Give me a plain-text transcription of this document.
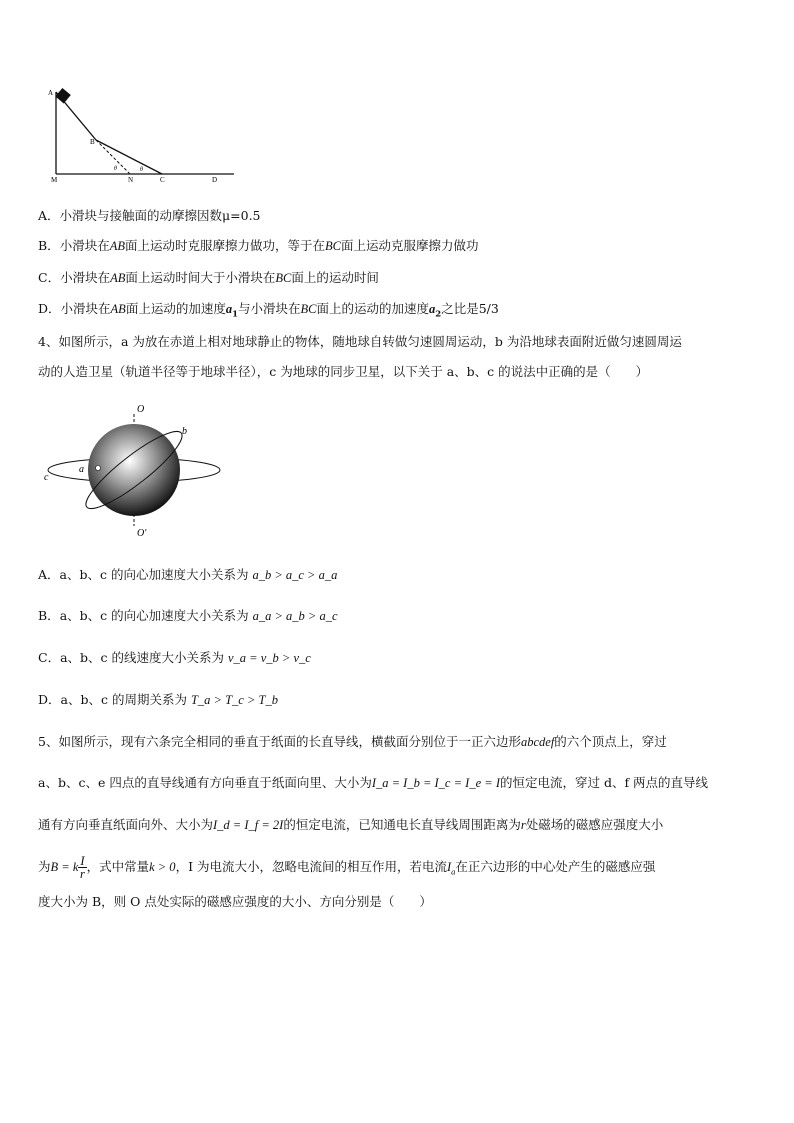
A
B
M	N	C	D
θ	θ
A．小滑块与接触面的动摩擦因数μ=0.5
B．小滑块在AB面上运动时克服摩擦力做功，等于在BC面上运动克服摩擦力做功
C．小滑块在AB面上运动时间大于小滑块在BC面上的运动时间
D．小滑块在AB面上运动的加速度$a_1$与小滑块在BC面上的运动的加速度$a_2$之比是5/3
4、如图所示，a 为放在赤道上相对地球静止的物体，随地球自转做匀速圆周运动，b 为沿地球表面附近做匀速圆周运
动的人造卫星（轨道半径等于地球半径），c 为地球的同步卫星，以下关于 a、b、c 的说法中正确的是（　　）
O
O'
a
b
c
A．a、b、c 的向心加速度大小关系为 a_b > a_c > a_a
B．a、b、c 的向心加速度大小关系为 a_a > a_b > a_c
C．a、b、c 的线速度大小关系为 v_a = v_b > v_c
D．a、b、c 的周期关系为 T_a > T_c > T_b
5、如图所示，现有六条完全相同的垂直于纸面的长直导线，横截面分别位于一正六边形abcdef的六个顶点上，穿过
a、b、c、e 四点的直导线通有方向垂直于纸面向里、大小为I_a = I_b = I_c = I_e = I的恒定电流，穿过 d、f 两点的直导线
通有方向垂直纸面向外、大小为I_d = I_f = 2I的恒定电流，已知通电长直导线周围距离为r处磁场的磁感应强度大小
为B = k $\frac{I}{r}$ ，式中常量k > 0，I 为电流大小，忽略电流间的相互作用，若电流$I_a$在正六边形的中心处产生的磁感应强
度大小为 B，则 O 点处实际的磁感应强度的大小、方向分别是（　　）
